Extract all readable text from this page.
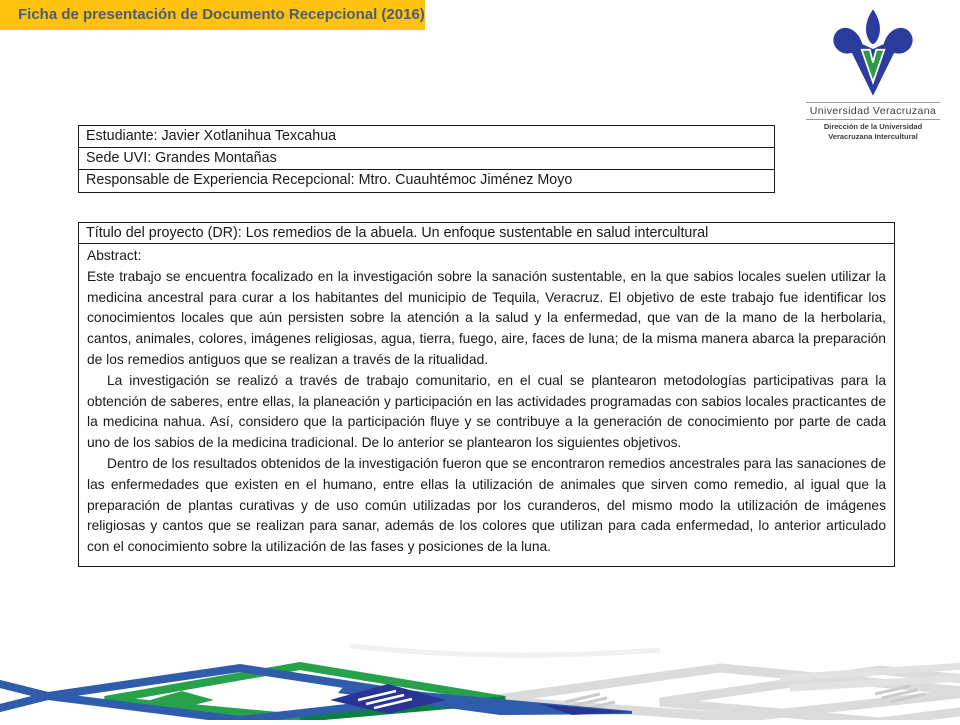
Ficha de presentación de Documento Recepcional (2016)
Universidad Veracruzana
Dirección de la Universidad
Veracruzana Intercultural
Estudiante: Javier Xotlanihua Texcahua
Sede UVI: Grandes Montañas
Responsable de Experiencia Recepcional: Mtro. Cuauhtémoc Jiménez Moyo
Título del proyecto (DR): Los remedios de la abuela. Un enfoque sustentable en salud intercultural

Abstract:

Este trabajo se encuentra focalizado en la investigación sobre la sanación sustentable, en la que sabios locales suelen utilizar la medicina ancestral para curar a los habitantes del municipio de Tequila, Veracruz. El objetivo de este trabajo fue identificar los conocimientos locales que aún persisten sobre la atención a la salud y la enfermedad, que van de la mano de la herbolaria, cantos, animales, colores, imágenes religiosas, agua, tierra, fuego, aire, faces de luna; de la misma manera abarca la preparación de los remedios antiguos que se realizan a través de la ritualidad.

La investigación se realizó a través de trabajo comunitario, en el cual se plantearon metodologías participativas para la obtención de saberes, entre ellas, la planeación y participación en las actividades programadas con sabios locales practicantes de la medicina nahua. Así, considero que la participación fluye y se contribuye a la generación de conocimiento por parte de cada uno de los sabios de la medicina tradicional. De lo anterior se plantearon los siguientes objetivos.

Dentro de los resultados obtenidos de la investigación fueron que se encontraron remedios ancestrales para las sanaciones de las enfermedades que existen en el humano, entre ellas la utilización de animales que sirven como remedio, al igual que la preparación de plantas curativas y de uso común utilizadas por los curanderos, del mismo modo la utilización de imágenes religiosas y cantos que se realizan para sanar, además de los colores que utilizan para cada enfermedad, lo anterior articulado con el conocimiento sobre la utilización de las fases y posiciones de la luna.
